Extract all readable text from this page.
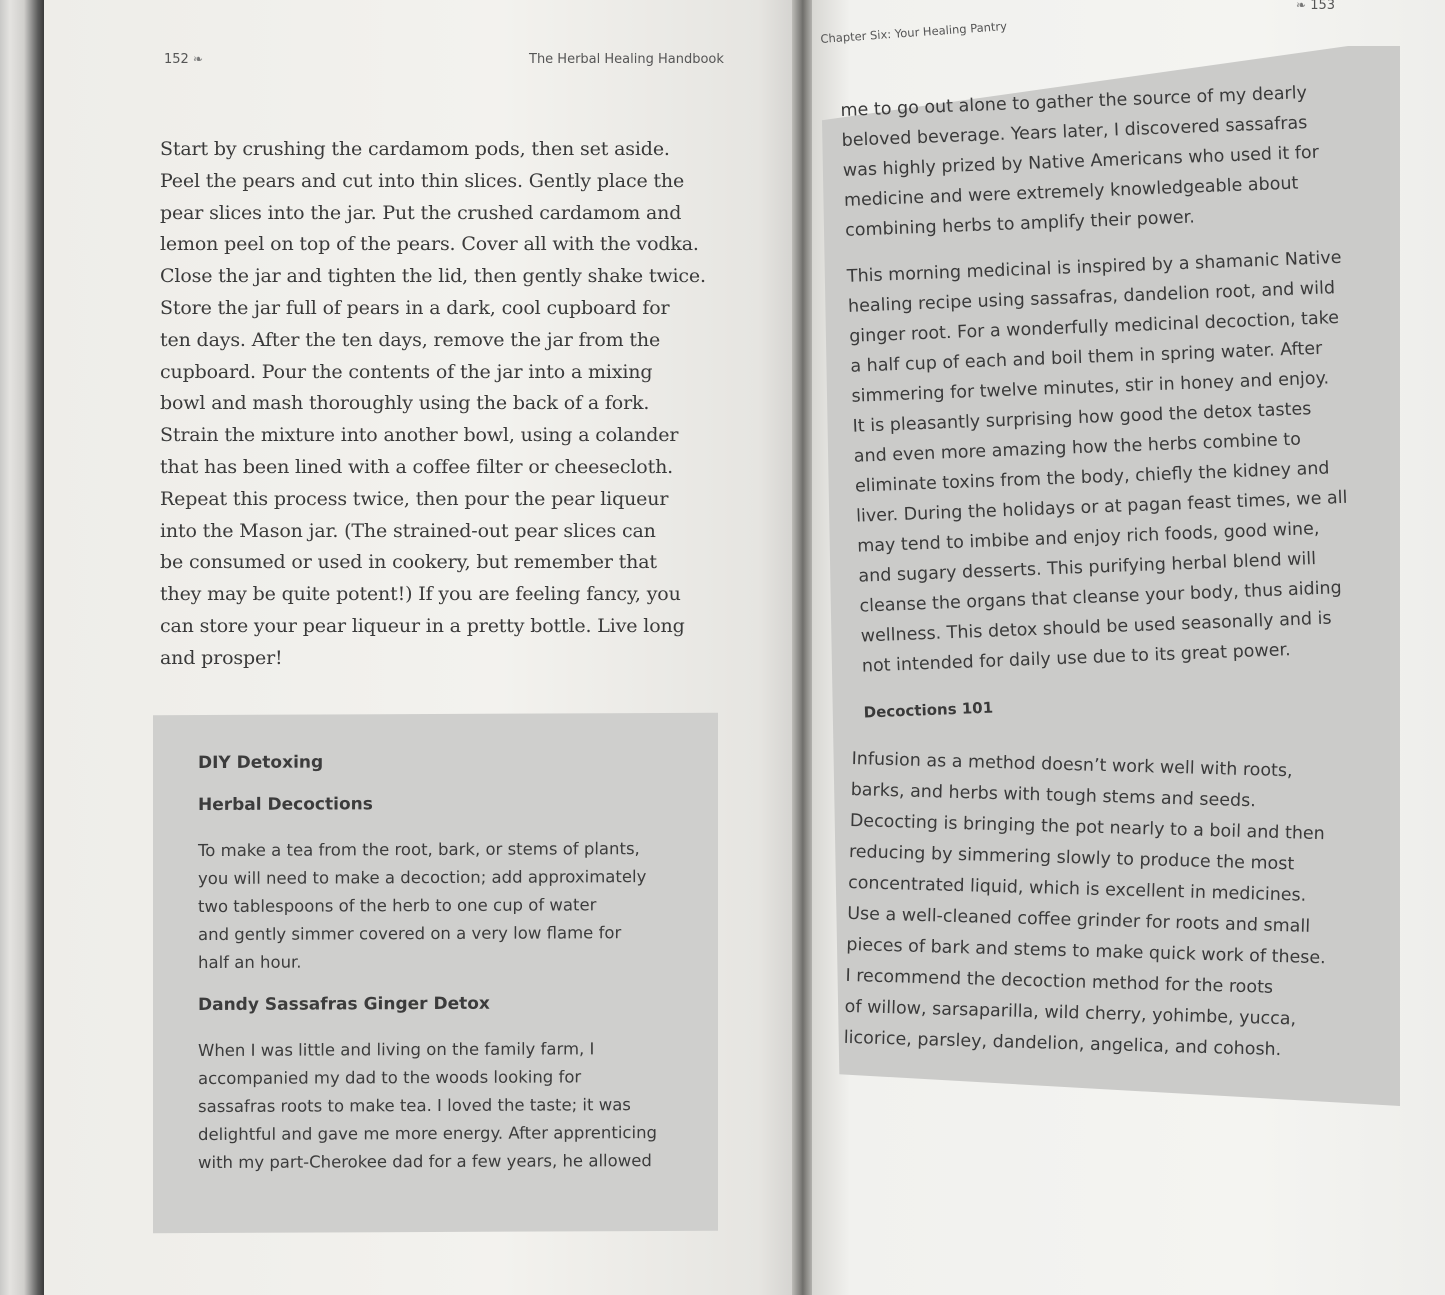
152 ❧	The Herbal Healing Handbook
Start by crushing the cardamom pods, then set aside.
Peel the pears and cut into thin slices. Gently place the
pear slices into the jar. Put the crushed cardamom and
lemon peel on top of the pears. Cover all with the vodka.
Close the jar and tighten the lid, then gently shake twice.
Store the jar full of pears in a dark, cool cupboard for
ten days. After the ten days, remove the jar from the
cupboard. Pour the contents of the jar into a mixing
bowl and mash thoroughly using the back of a fork.
Strain the mixture into another bowl, using a colander
that has been lined with a coffee filter or cheesecloth.
Repeat this process twice, then pour the pear liqueur
into the Mason jar. (The strained-out pear slices can
be consumed or used in cookery, but remember that
they may be quite potent!) If you are feeling fancy, you
can store your pear liqueur in a pretty bottle. Live long
and prosper!
DIY Detoxing
Herbal Decoctions
To make a tea from the root, bark, or stems of plants,
you will need to make a decoction; add approximately
two tablespoons of the herb to one cup of water
and gently simmer covered on a very low flame for
half an hour.
Dandy Sassafras Ginger Detox
When I was little and living on the family farm, I
accompanied my dad to the woods looking for
sassafras roots to make tea. I loved the taste; it was
delightful and gave me more energy. After apprenticing
with my part-Cherokee dad for a few years, he allowed
Chapter Six: Your Healing Pantry
❧ 153
me to go out alone to gather the source of my dearly
beloved beverage. Years later, I discovered sassafras
was highly prized by Native Americans who used it for
medicine and were extremely knowledgeable about
combining herbs to amplify their power.
This morning medicinal is inspired by a shamanic Native
healing recipe using sassafras, dandelion root, and wild
ginger root. For a wonderfully medicinal decoction, take
a half cup of each and boil them in spring water. After
simmering for twelve minutes, stir in honey and enjoy.
It is pleasantly surprising how good the detox tastes
and even more amazing how the herbs combine to
eliminate toxins from the body, chiefly the kidney and
liver. During the holidays or at pagan feast times, we all
may tend to imbibe and enjoy rich foods, good wine,
and sugary desserts. This purifying herbal blend will
cleanse the organs that cleanse your body, thus aiding
wellness. This detox should be used seasonally and is
not intended for daily use due to its great power.
Decoctions 101
Infusion as a method doesn’t work well with roots,
barks, and herbs with tough stems and seeds.
Decocting is bringing the pot nearly to a boil and then
reducing by simmering slowly to produce the most
concentrated liquid, which is excellent in medicines.
Use a well-cleaned coffee grinder for roots and small
pieces of bark and stems to make quick work of these.
I recommend the decoction method for the roots
of willow, sarsaparilla, wild cherry, yohimbe, yucca,
licorice, parsley, dandelion, angelica, and cohosh.
